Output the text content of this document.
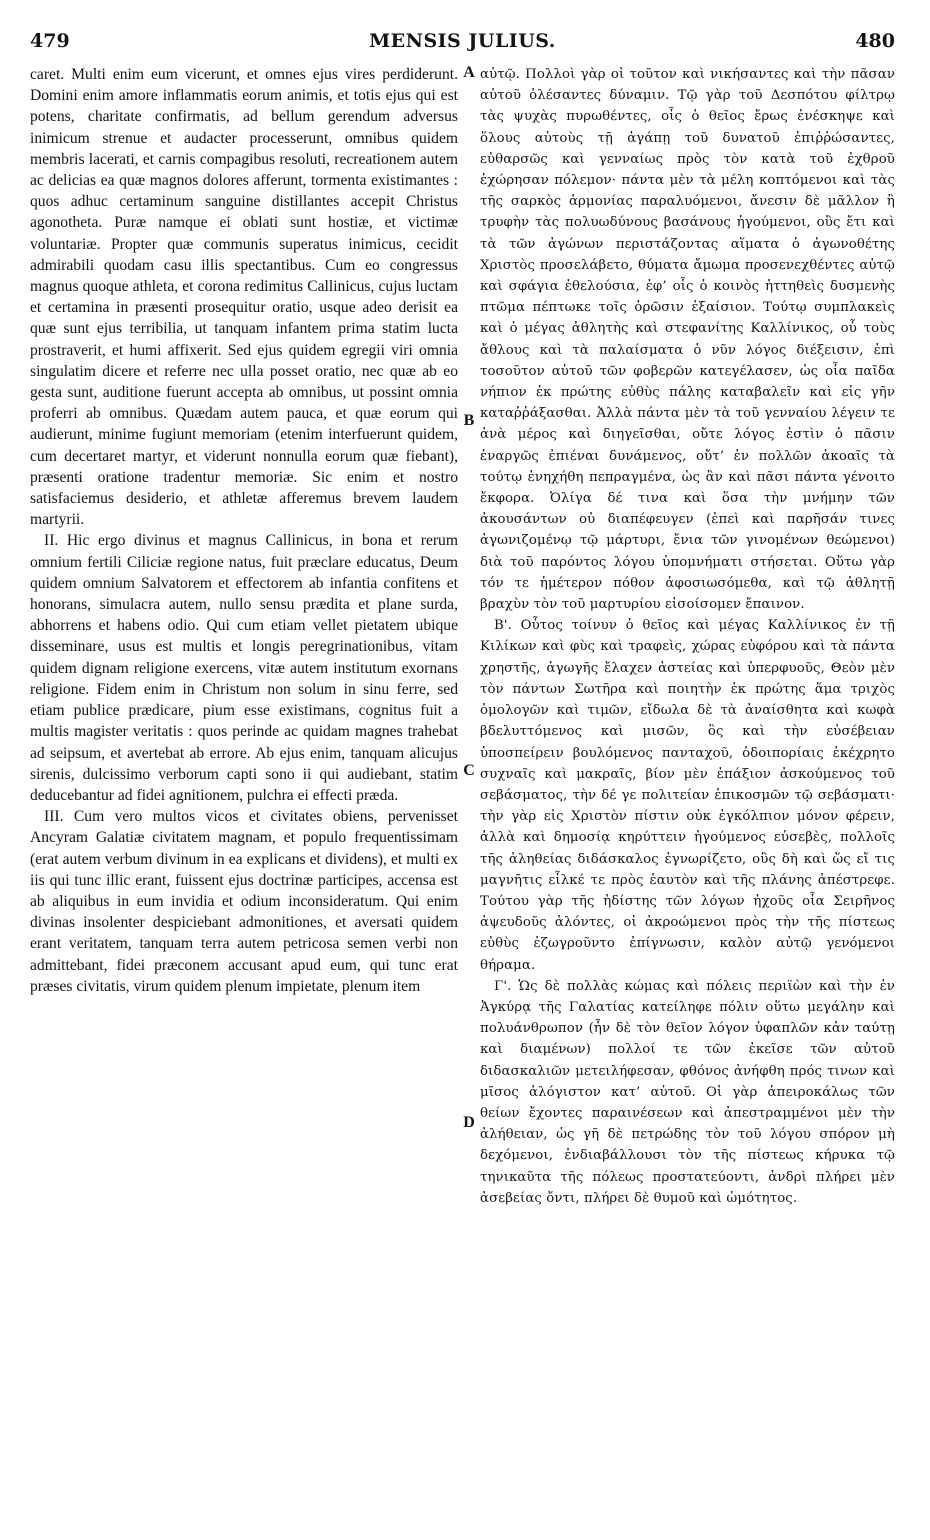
479	MENSIS JULIUS.	480

caret. Multi enim eum vicerunt, et omnes ejus vires perdiderunt. Domini enim amore inflammatis eorum animis, et totis ejus qui est potens, charitate confirmatis, ad bellum gerendum adversus inimicum strenue et audacter processerunt, omnibus quidem membris lacerati, et carnis compagibus resoluti, recreationem autem ac delicias ea quæ magnos dolores afferunt, tormenta existimantes : quos adhuc certaminum sanguine distillantes accepit Christus agonotheta. Puræ namque ei oblati sunt hostiæ, et victimæ voluntariæ. Propter quæ communis superatus inimicus, cecidit admirabili quodam casu illis spectantibus. Cum eo congressus magnus quoque athleta, et corona redimitus Callinicus, cujus luctam et certamina in præsenti prosequitur oratio, usque adeo derisit ea quæ sunt ejus terribilia, ut tanquam infantem prima statim lucta prostraverit, et humi affixerit. Sed ejus quidem egregii viri omnia singulatim dicere et referre nec ulla posset oratio, nec quæ ab eo gesta sunt, auditione fuerunt accepta ab omnibus, ut possint omnia proferri ab omnibus. Quædam autem pauca, et quæ eorum qui audierunt, minime fugiunt memoriam (etenim interfuerunt quidem, cum decertaret martyr, et viderunt nonnulla eorum quæ fiebant), præsenti oratione tradentur memoriæ. Sic enim et nostro satisfaciemus desiderio, et athletæ afferemus brevem laudem martyrii.

II. Hic ergo divinus et magnus Callinicus, in bona et rerum omnium fertili Ciliciæ regione natus, fuit præclare educatus, Deum quidem omnium Salvatorem et effectorem ab infantia confitens et honorans, simulacra autem, nullo sensu prædita et plane surda, abhorrens et habens odio. Qui cum etiam vellet pietatem ubique disseminare, usus est multis et longis peregrinationibus, vitam quidem dignam religione exercens, vitæ autem institutum exornans religione. Fidem enim in Christum non solum in sinu ferre, sed etiam publice prædicare, pium esse existimans, cognitus fuit a multis magister veritatis : quos perinde ac quidam magnes trahebat ad seipsum, et avertebat ab errore. Ab ejus enim, tanquam alicujus sirenis, dulcissimo verborum capti sono ii qui audiebant, statim deducebantur ad fidei agnitionem, pulchra ei effecti præda.

III. Cum vero multos vicos et civitates obiens, pervenisset Ancyram Galatiæ civitatem magnam, et populo frequentissimam (erat autem verbum divinum in ea explicans et dividens), et multi ex iis qui tunc illic erant, fuissent ejus doctrinæ participes, accensa est ab aliquibus in eum invidia et odium inconsideratum. Qui enim divinas insolenter despiciebant admonitiones, et aversati quidem erant veritatem, tanquam terra autem petricosa semen verbi non admittebant, fidei præconem accusant apud eum, qui tunc erat præses civitatis, virum quidem plenum impietate, plenum item

A
B
C
D

αὐτῷ. Πολλοὶ γὰρ οἱ τοῦτον καὶ νικήσαντες καὶ τὴν πᾶσαν αὐτοῦ ὀλέσαντες δύναμιν. Τῷ γὰρ τοῦ Δεσπότου φίλτρῳ τὰς ψυχὰς πυρωθέντες, οἷς ὁ θεῖος ἔρως ἐνέσκηψε καὶ ὅλους αὐτοὺς τῇ ἀγάπῃ τοῦ δυνατοῦ ἐπιῤῥώσαντες, εὐθαρσῶς καὶ γενναίως πρὸς τὸν κατὰ τοῦ ἐχθροῦ ἐχώρησαν πόλεμον· πάντα μὲν τὰ μέλη κοπτόμενοι καὶ τὰς τῆς σαρκὸς ἁρμονίας παραλυόμενοι, ἄνεσιν δὲ μᾶλλον ἢ τρυφὴν τὰς πολυωδύνους βασάνους ἡγούμενοι, οὓς ἔτι καὶ τὰ τῶν ἀγώνων περιστάζοντας αἵματα ὁ ἀγωνοθέτης Χριστὸς προσελάβετο, θύματα ἄμωμα προσενεχθέντες αὐτῷ καὶ σφάγια ἐθελούσια, ἐφ’ οἷς ὁ κοινὸς ἡττηθεὶς δυσμενὴς πτῶμα πέπτωκε τοῖς ὁρῶσιν ἐξαίσιον. Τούτῳ συμπλακεὶς καὶ ὁ μέγας ἀθλητὴς καὶ στεφανίτης Καλλίνικος, οὗ τοὺς ἄθλους καὶ τὰ παλαίσματα ὁ νῦν λόγος διέξεισιν, ἐπὶ τοσοῦτον αὐτοῦ τῶν φοβερῶν κατεγέλασεν, ὡς οἷα παῖδα νήπιον ἐκ πρώτης εὐθὺς πάλης καταβαλεῖν καὶ εἰς γῆν καταῤῥάξασθαι. Ἀλλὰ πάντα μὲν τὰ τοῦ γενναίου λέγειν τε ἀνὰ μέρος καὶ διηγεῖσθαι, οὔτε λόγος ἐστὶν ὁ πᾶσιν ἐναργῶς ἐπιέναι δυνάμενος, οὔτ’ ἐν πολλῶν ἀκοαῖς τὰ τούτῳ ἐνηχήθη πεπραγμένα, ὡς ἂν καὶ πᾶσι πάντα γένοιτο ἔκφορα. Ὀλίγα δέ τινα καὶ ὅσα τὴν μνήμην τῶν ἀκουσάντων οὐ διαπέφευγεν (ἐπεὶ καὶ παρῆσάν τινες ἀγωνιζομένῳ τῷ μάρτυρι, ἔνια τῶν γινομένων θεώμενοι) διὰ τοῦ παρόντος λόγου ὑπομνήματι στήσεται. Οὕτω γὰρ τόν τε ἡμέτερον πόθον ἀφοσιωσόμεθα, καὶ τῷ ἀθλητῇ βραχὺν τὸν τοῦ μαρτυρίου εἰσοίσομεν ἔπαινον.

Β'. Οὗτος τοίνυν ὁ θεῖος καὶ μέγας Καλλίνικος ἐν τῇ Κιλίκων καὶ φὺς καὶ τραφεὶς, χώρας εὐφόρου καὶ τὰ πάντα χρηστῆς, ἀγωγῆς ἔλαχεν ἀστείας καὶ ὑπερφυοῦς, Θεὸν μὲν τὸν πάντων Σωτῆρα καὶ ποιητὴν ἐκ πρώτης ἅμα τριχὸς ὁμολογῶν καὶ τιμῶν, εἴδωλα δὲ τὰ ἀναίσθητα καὶ κωφὰ βδελυττόμενος καὶ μισῶν, ὃς καὶ τὴν εὐσέβειαν ὑποσπείρειν βουλόμενος πανταχοῦ, ὁδοιπορίαις ἐκέχρητο συχναῖς καὶ μακραῖς, βίον μὲν ἐπάξιον ἀσκούμενος τοῦ σεβάσματος, τὴν δέ γε πολιτείαν ἐπικοσμῶν τῷ σεβάσματι· τὴν γὰρ εἰς Χριστὸν πίστιν οὐκ ἐγκόλπιον μόνον φέρειν, ἀλλὰ καὶ δημοσίᾳ κηρύττειν ἡγούμενος εὐσεβὲς, πολλοῖς τῆς ἀληθείας διδάσκαλος ἐγνωρίζετο, οὓς δὴ καὶ ὥς εἴ τις μαγνῆτις εἷλκέ τε πρὸς ἑαυτὸν καὶ τῆς πλάνης ἀπέστρεφε. Τούτου γὰρ τῆς ἡδίστης τῶν λόγων ἠχοῦς οἷα Σειρῆνος ἀψευδοῦς ἁλόντες, οἱ ἀκροώμενοι πρὸς τὴν τῆς πίστεως εὐθὺς ἐζωγροῦντο ἐπίγνωσιν, καλὸν αὐτῷ γενόμενοι θήραμα.

Γ'. Ὡς δὲ πολλὰς κώμας καὶ πόλεις περιϊὼν καὶ τὴν ἐν Ἀγκύρᾳ τῆς Γαλατίας κατείληφε πόλιν οὕτω μεγάλην καὶ πολυάνθρωπον (ἦν δὲ τὸν θεῖον λόγον ὑφαπλῶν κἀν ταύτῃ καὶ διαμένων) πολλοί τε τῶν ἐκεῖσε τῶν αὐτοῦ διδασκαλιῶν μετειλήφεσαν, φθόνος ἀνήφθη πρός τινων καὶ μῖσος ἀλόγιστον κατ’ αὐτοῦ. Οἱ γὰρ ἀπειροκάλως τῶν θείων ἔχοντες παραινέσεων καὶ ἀπεστραμμένοι μὲν τὴν ἀλήθειαν, ὡς γῆ δὲ πετρώδης τὸν τοῦ λόγου σπόρον μὴ δεχόμενοι, ἐνδιαβάλλουσι τὸν τῆς πίστεως κήρυκα τῷ τηνικαῦτα τῆς πόλεως προστατεύοντι, ἀνδρὶ πλήρει μὲν ἀσεβείας ὄντι, πλήρει δὲ θυμοῦ καὶ ὠμότητος.
